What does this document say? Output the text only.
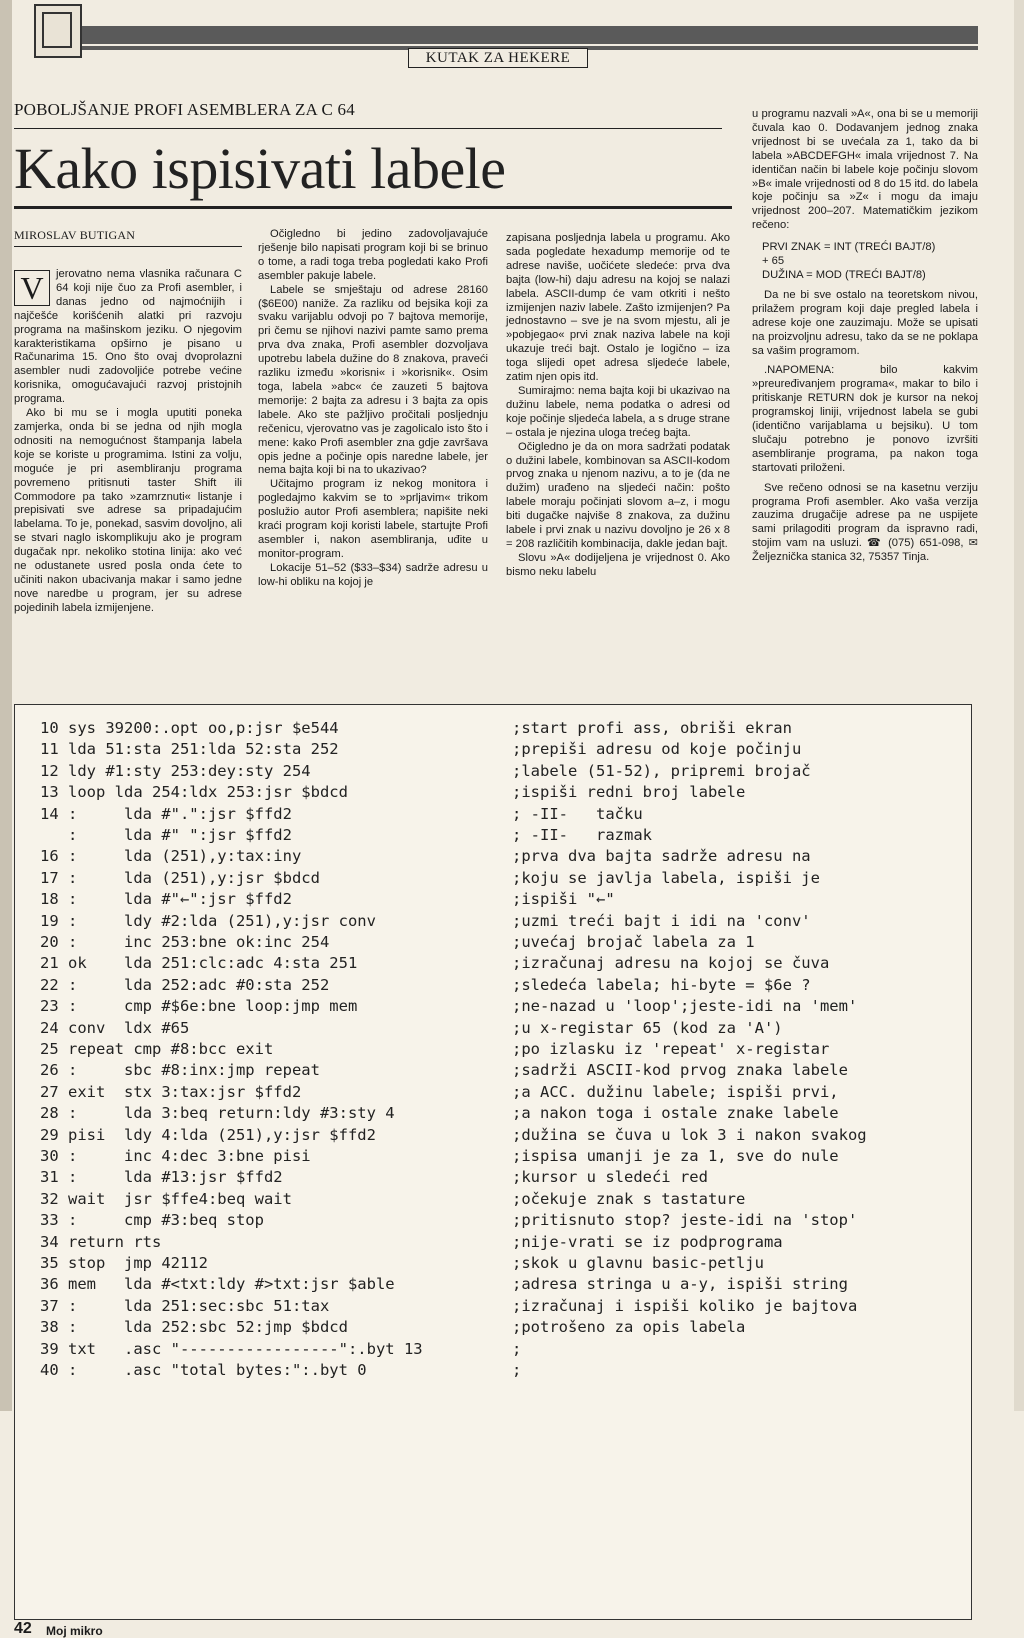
KUTAK ZA HEKERE
POBOLJŠANJE PROFI ASEMBLERA ZA C 64
Kako ispisivati labele
MIROSLAV BUTIGAN
V	jerovatno nema vlasnika računara C 64 koji nije čuo za Profi asembler, i danas jedno od najmoćnijih i najčešće korišćenih alatki pri razvoju programa na mašinskom jeziku. O njegovim karakteristikama opširno je pisano u Računarima 15. Ono što ovaj dvoprolazni asembler nudi zadovoljiće potrebe većine korisnika, omogućavajući razvoj pristojnih programa.

Ako bi mu se i mogla uputiti poneka zamjerka, onda bi se jedna od njih mogla odnositi na nemogućnost štampanja labela koje se koriste u programima. Istini za volju, moguće je pri asembliranju programa povremeno pritisnuti taster Shift ili Commodore pa tako »zamrznuti« listanje i prepisivati sve adrese sa pripadajućim labelama. To je, ponekad, sasvim dovoljno, ali se stvari naglo iskomplikuju ako je program dugačak npr. nekoliko stotina linija: ako već ne odustanete usred posla onda ćete to učiniti nakon ubacivanja makar i samo jedne nove naredbe u program, jer su adrese pojedinih labela izmijenjene.

Očigledno bi jedino zadovoljavajuće rješenje bilo napisati program koji bi se brinuo o tome, a radi toga treba pogledati kako Profi asembler pakuje labele.

Labele se smještaju od adrese 28160 ($6E00) naniže. Za razliku od bejsika koji za svaku varijablu odvoji po 7 bajtova memorije, pri čemu se njihovi nazivi pamte samo prema prva dva znaka, Profi asembler dozvoljava upotrebu labela dužine do 8 znakova, praveći razliku između »korisni« i »korisnik«. Osim toga, labela »abc« će zauzeti 5 bajtova memorije: 2 bajta za adresu i 3 bajta za opis labele. Ako ste pažljivo pročitali posljednju rečenicu, vjerovatno vas je zagolicalo isto što i mene: kako Profi asembler zna gdje završava opis jedne a počinje opis naredne labele, jer nema bajta koji bi na to ukazivao?

Učitajmo program iz nekog monitora i pogledajmo kakvim se to »prljavim« trikom poslužio autor Profi asemblera; napišite neki kraći program koji koristi labele, startujte Profi asembler i, nakon asembliranja, uđite u monitor-program.

Lokacije 51–52 ($33–$34) sadrže adresu u low-hi obliku na kojoj je

zapisana posljednja labela u programu. Ako sada pogledate hexadump memorije od te adrese naviše, uočićete sledeće: prva dva bajta (low-hi) daju adresu na kojoj se nalazi labela. ASCII-dump će vam otkriti i nešto izmijenjen naziv labele. Zašto izmijenjen? Pa jednostavno – sve je na svom mjestu, ali je »pobjegao« prvi znak naziva labele na koji ukazuje treći bajt. Ostalo je logično – iza toga slijedi opet adresa sljedeće labele, zatim njen opis itd.

Sumirajmo: nema bajta koji bi ukazivao na dužinu labele, nema podatka o adresi od koje počinje sljedeća labela, a s druge strane – ostala je njezina uloga trećeg bajta.

Očigledno je da on mora sadržati podatak o dužini labele, kombinovan sa ASCII-kodom prvog znaka u njenom nazivu, a to je (da ne dužim) urađeno na sljedeći način: pošto labele moraju počinjati slovom a–z, i mogu biti dugačke najviše 8 znakova, za dužinu labele i prvi znak u nazivu dovoljno je 26 x 8 = 208 različitih kombinacija, dakle jedan bajt.

Slovu »A« dodijeljena je vrijednost 0. Ako bismo neku labelu

u programu nazvali »A«, ona bi se u memoriji čuvala kao 0. Dodavanjem jednog znaka vrijednost bi se uvećala za 1, tako da bi labela »ABCDEFGH« imala vrijednost 7. Na identičan način bi labele koje počinju slovom »B« imale vrijednosti od 8 do 15 itd. do labela koje počinju sa »Z« i mogu da imaju vrijednost 200–207. Matematičkim jezikom rečeno:

PRVI ZNAK = INT (TREĆI BAJT/8)
+ 65
DUŽINA = MOD (TREĆI BAJT/8)

Da ne bi sve ostalo na teoretskom nivou, prilažem program koji daje pregled labela i adrese koje one zauzimaju. Može se upisati na proizvoljnu adresu, tako da se ne poklapa sa vašim programom.

.NAPOMENA: bilo kakvim »preuređivanjem programa«, makar to bilo i pritiskanje RETURN dok je kursor na nekoj programskoj liniji, vrijednost labela se gubi (identično varijablama u bejsiku). U tom slučaju potrebno je ponovo izvršiti asembliranje programa, pa nakon toga startovati priloženi.

Sve rečeno odnosi se na kasetnu verziju programa Profi asembler. Ako vaša verzija zauzima drugačije adrese pa ne uspijete sami prilagoditi program da ispravno radi, stojim vam na usluzi. ☎ (075) 651-098, ✉ Željeznička stanica 32, 75357 Tinja.

10 sys 39200:.opt oo,p:jsr $e544
11 lda 51:sta 251:lda 52:sta 252
12 ldy #1:sty 253:dey:sty 254
13 loop lda 254:ldx 253:jsr $bdcd
14 :     lda #".":jsr $ffd2
:     lda #" ":jsr $ffd2
16 :     lda (251),y:tax:iny
17 :     lda (251),y:jsr $bdcd
18 :     lda #"←":jsr $ffd2
19 :     ldy #2:lda (251),y:jsr conv
20 :     inc 253:bne ok:inc 254
21 ok    lda 251:clc:adc 4:sta 251
22 :     lda 252:adc #0:sta 252
23 :     cmp #$6e:bne loop:jmp mem
24 conv  ldx #65
25 repeat cmp #8:bcc exit
26 :     sbc #8:inx:jmp repeat
27 exit  stx 3:tax:jsr $ffd2
28 :     lda 3:beq return:ldy #3:sty 4
29 pisi  ldy 4:lda (251),y:jsr $ffd2
30 :     inc 4:dec 3:bne pisi
31 :     lda #13:jsr $ffd2
32 wait  jsr $ffe4:beq wait
33 :     cmp #3:beq stop
34 return rts
35 stop  jmp 42112
36 mem   lda #<txt:ldy #>txt:jsr $able
37 :     lda 251:sec:sbc 51:tax
38 :     lda 252:sbc 52:jmp $bdcd
39 txt   .asc "-----------------":.byt 13
40 :     .asc "total bytes:":.byt 0
;start profi ass, obriši ekran
;prepiši adresu od koje počinju
;labele (51-52), pripremi brojač
;ispiši redni broj labele
; -II-   tačku
; -II-   razmak
;prva dva bajta sadrže adresu na
;koju se javlja labela, ispiši je
;ispiši "←"
;uzmi treći bajt i idi na 'conv'
;uvećaj brojač labela za 1
;izračunaj adresu na kojoj se čuva
;sledeća labela; hi-byte = $6e ?
;ne-nazad u 'loop';jeste-idi na 'mem'
;u x-registar 65 (kod za 'A')
;po izlasku iz 'repeat' x-registar
;sadrži ASCII-kod prvog znaka labele
;a ACC. dužinu labele; ispiši prvi,
;a nakon toga i ostale znake labele
;dužina se čuva u lok 3 i nakon svakog
;ispisa umanji je za 1, sve do nule
;kursor u sledeći red
;očekuje znak s tastature
;pritisnuto stop? jeste-idi na 'stop'
;nije-vrati se iz podprograma
;skok u glavnu basic-petlju
;adresa stringa u a-y, ispiši string
;izračunaj i ispiši koliko je bajtova
;potrošeno za opis labela
;
;
42 Moj mikro
